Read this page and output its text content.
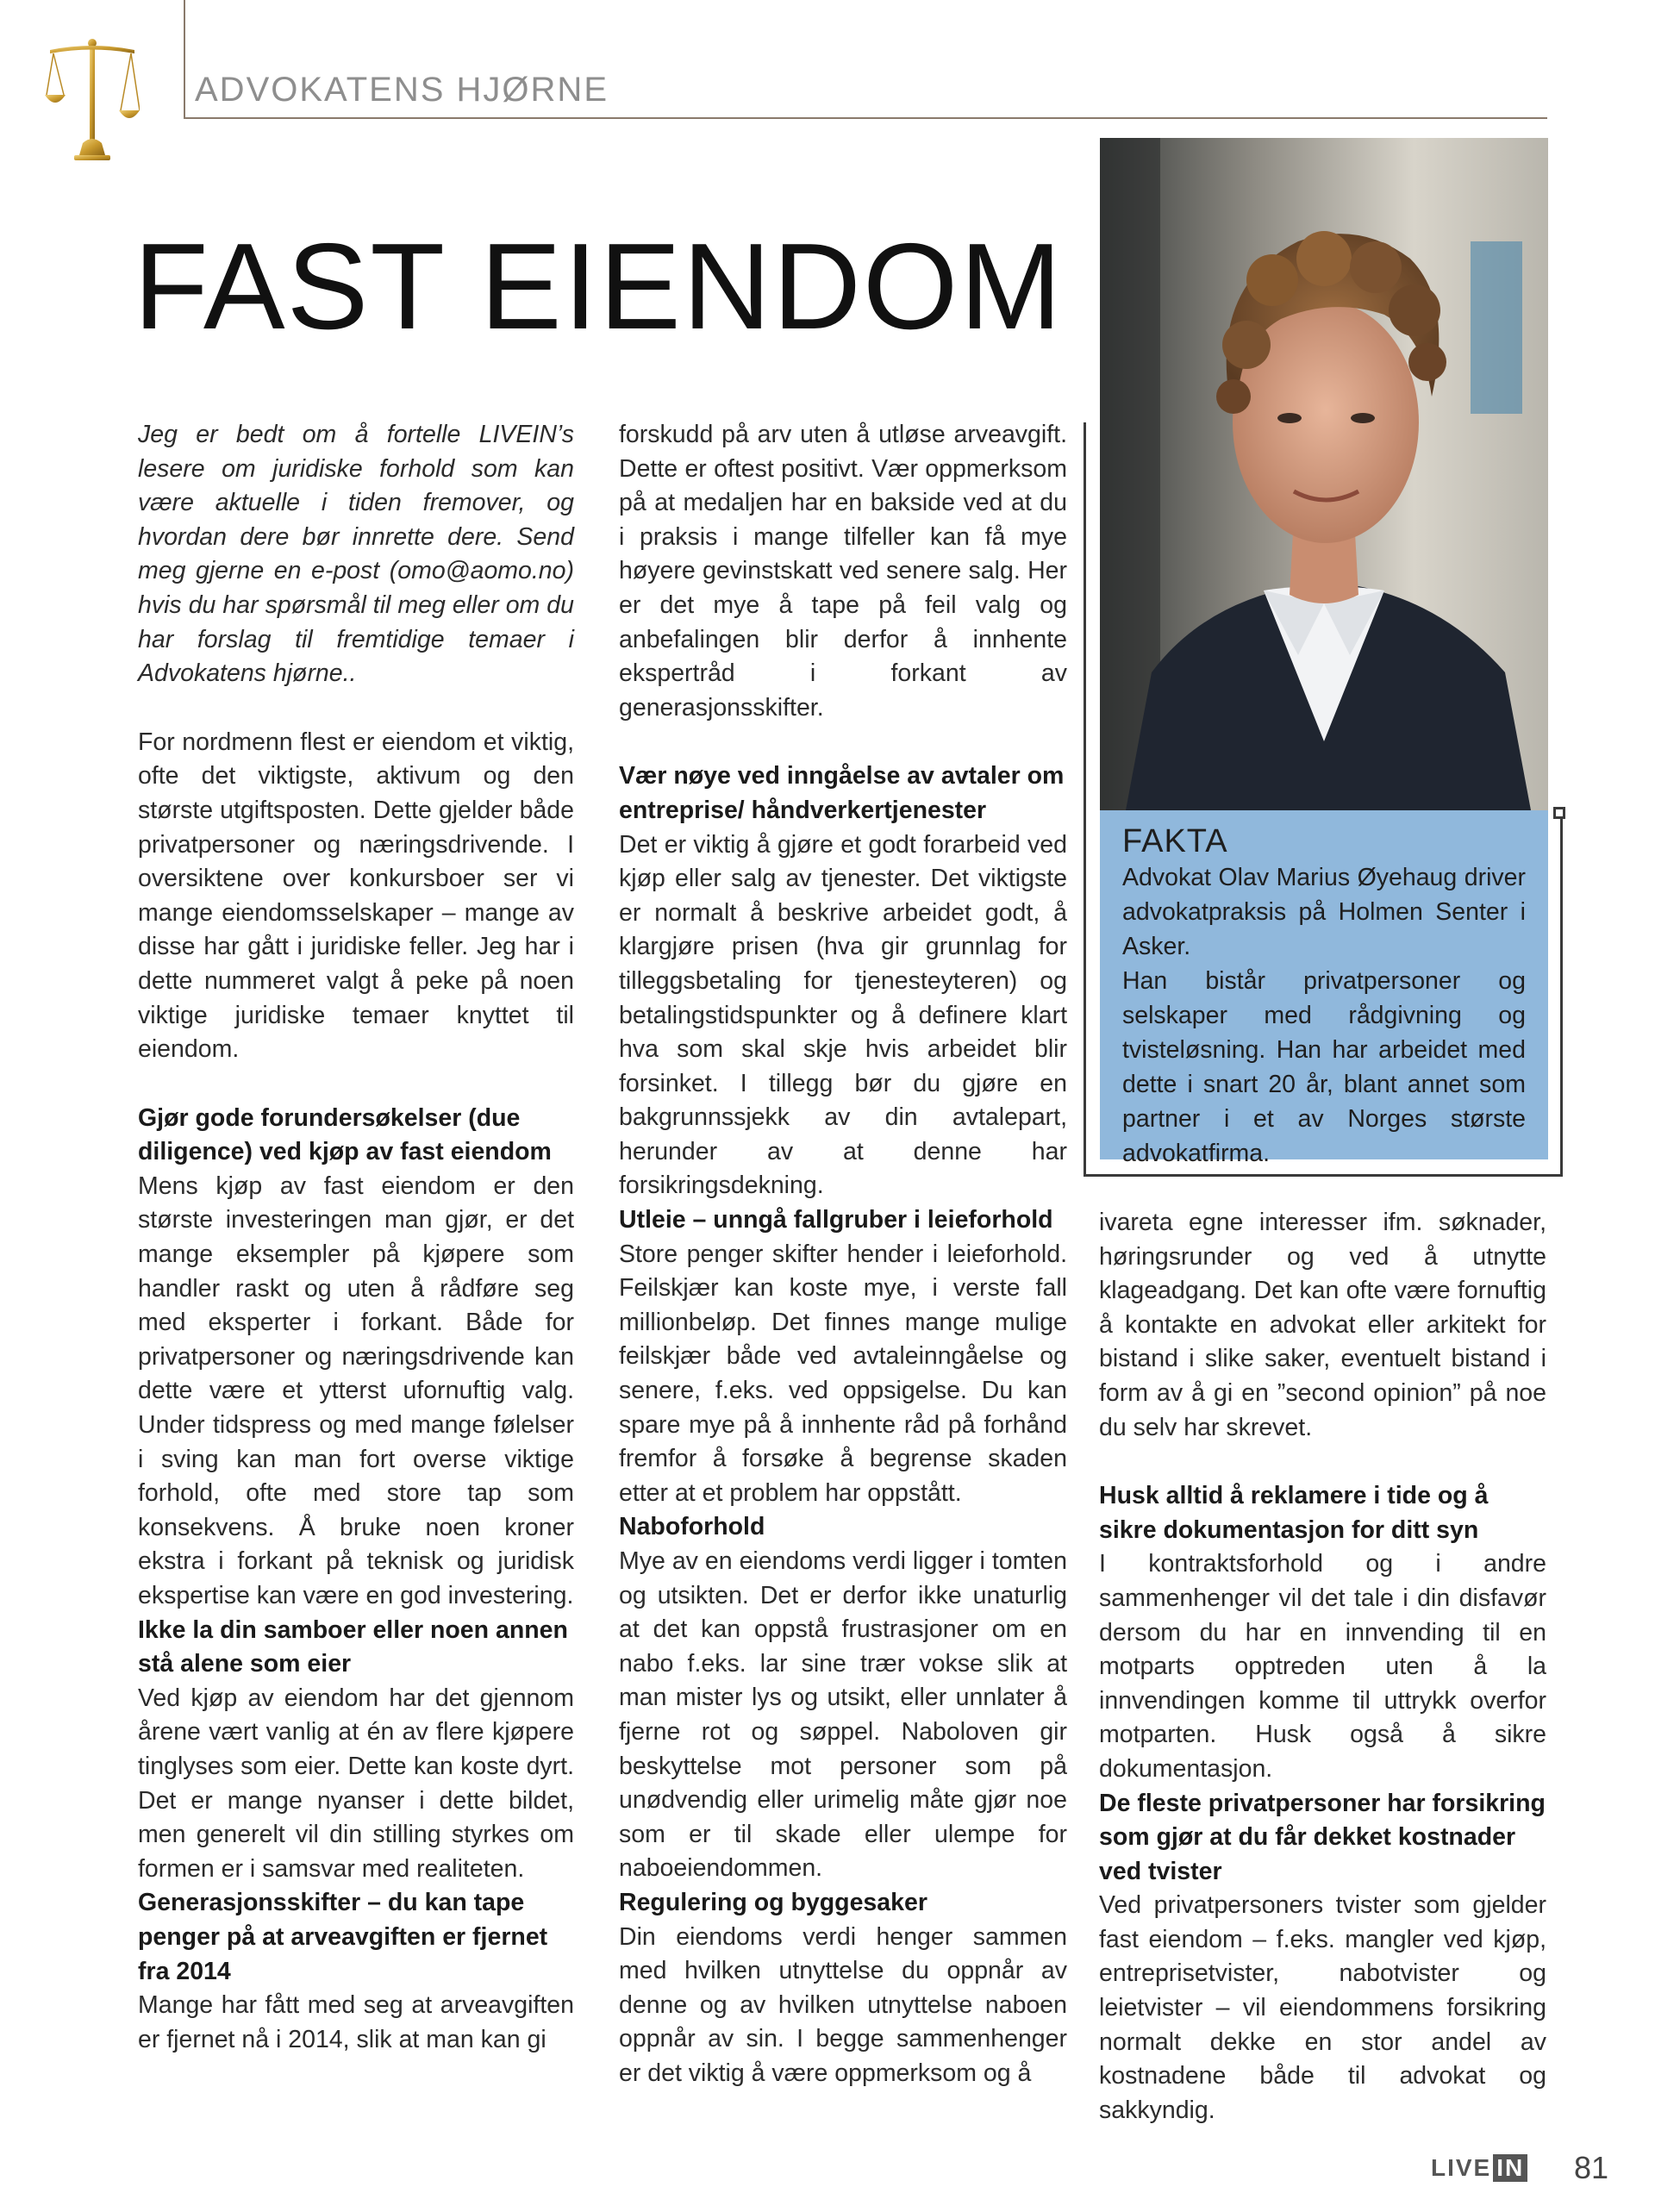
ADVOKATENS HJØRNE
FAST EIENDOM

Jeg er bedt om å fortelle LIVEIN’s lesere om juridiske forhold som kan være aktuelle i tiden fremover, og hvordan dere bør innrette dere. Send meg gjerne en e-post (omo@aomo.no) hvis du har spørsmål til meg eller om du har forslag til fremtidige temaer i Advokatens hjørne..

For nordmenn flest er eiendom et viktig, ofte det viktigste, aktivum og den største utgiftsposten. Dette gjelder både privatpersoner og næringsdrivende. I oversiktene over konkursboer ser vi mange eiendomsselskaper – mange av disse har gått i juridiske feller. Jeg har i dette nummeret valgt å peke på noen viktige juridiske temaer knyttet til eiendom.

Gjør gode forundersøkelser (due diligence) ved kjøp av fast eiendom

Mens kjøp av fast eiendom er den største investeringen man gjør, er det mange eksempler på kjøpere som handler raskt og uten å rådføre seg med eksperter i forkant. Både for privatpersoner og næringsdrivende kan dette være et ytterst ufornuftig valg. Under tidspress og med mange følelser i sving kan man fort overse viktige forhold, ofte med store tap som konsekvens. Å bruke noen kroner ekstra i forkant på teknisk og juridisk ekspertise kan være en god investering.

Ikke la din samboer eller noen annen stå alene som eier

Ved kjøp av eiendom har det gjennom årene vært vanlig at én av flere kjøpere tinglyses som eier. Dette kan koste dyrt. Det er mange nyanser i dette bildet, men generelt vil din stilling styrkes om formen er i samsvar med realiteten.

Generasjonsskifter – du kan tape penger på at arveavgiften er fjernet fra 2014

Mange har fått med seg at arveavgiften er fjernet nå i 2014, slik at man kan gi

forskudd på arv uten å utløse arveavgift. Dette er oftest positivt. Vær oppmerksom på at medaljen har en bakside ved at du i praksis i mange tilfeller kan få mye høyere gevinstskatt ved senere salg. Her er det mye å tape på feil valg og anbefalingen blir derfor å innhente ekspertråd i forkant av generasjonsskifter.

Vær nøye ved inngåelse av avtaler om entreprise/ håndverkertjenester

Det er viktig å gjøre et godt forarbeid ved kjøp eller salg av tjenester. Det viktigste er normalt å beskrive arbeidet godt, å klargjøre prisen (hva gir grunnlag for tilleggsbetaling for tjenesteyteren) og betalingstidspunkter og å definere klart hva som skal skje hvis arbeidet blir forsinket. I tillegg bør du gjøre en bakgrunnssjekk av din avtalepart, herunder av at denne har forsikringsdekning.

Utleie – unngå fallgruber i leieforhold

Store penger skifter hender i leieforhold. Feilskjær kan koste mye, i verste fall millionbeløp. Det finnes mange mulige feilskjær både ved avtaleinngåelse og senere, f.eks. ved oppsigelse. Du kan spare mye på å innhente råd på forhånd fremfor å forsøke å begrense skaden etter at et problem har oppstått.

Naboforhold

Mye av en eiendoms verdi ligger i tomten og utsikten. Det er derfor ikke unaturlig at det kan oppstå frustrasjoner om en nabo f.eks. lar sine trær vokse slik at man mister lys og utsikt, eller unnlater å fjerne rot og søppel. Naboloven gir beskyttelse mot personer som på unødvendig eller urimelig måte gjør noe som er til skade eller ulempe for naboeiendommen.

Regulering og byggesaker

Din eiendoms verdi henger sammen med hvilken utnyttelse du oppnår av denne og av hvilken utnyttelse naboen oppnår av sin. I begge sammenhenger er det viktig å være oppmerksom og å

FAKTA
Advokat Olav Marius Øyehaug driver advokatpraksis på Holmen Senter i Asker.
Han bistår privatpersoner og selskaper med rådgivning og tvisteløsning. Han har arbeidet med dette i snart 20 år, blant annet som partner i et av Norges største advokatfirma.

ivareta egne interesser ifm. søknader, høringsrunder og ved å utnytte klageadgang. Det kan ofte være fornuftig å kontakte en advokat eller arkitekt for bistand i slike saker, eventuelt bistand i form av å gi en ”second opinion” på noe du selv har skrevet.

Husk alltid å reklamere i tide og å sikre dokumentasjon for ditt syn

I kontraktsforhold og i andre sammenhenger vil det tale i din disfavør dersom du har en innvending til en motparts opptreden uten å la innvendingen komme til uttrykk overfor motparten. Husk også å sikre dokumentasjon.

De fleste privatpersoner har forsikring som gjør at du får dekket kostnader ved tvister

Ved privatpersoners tvister som gjelder fast eiendom – f.eks. mangler ved kjøp, entreprisetvister, nabotvister og leietvister – vil eiendommens forsikring normalt dekke en stor andel av kostnadene både til advokat og sakkyndig.

LIVE IN 81
